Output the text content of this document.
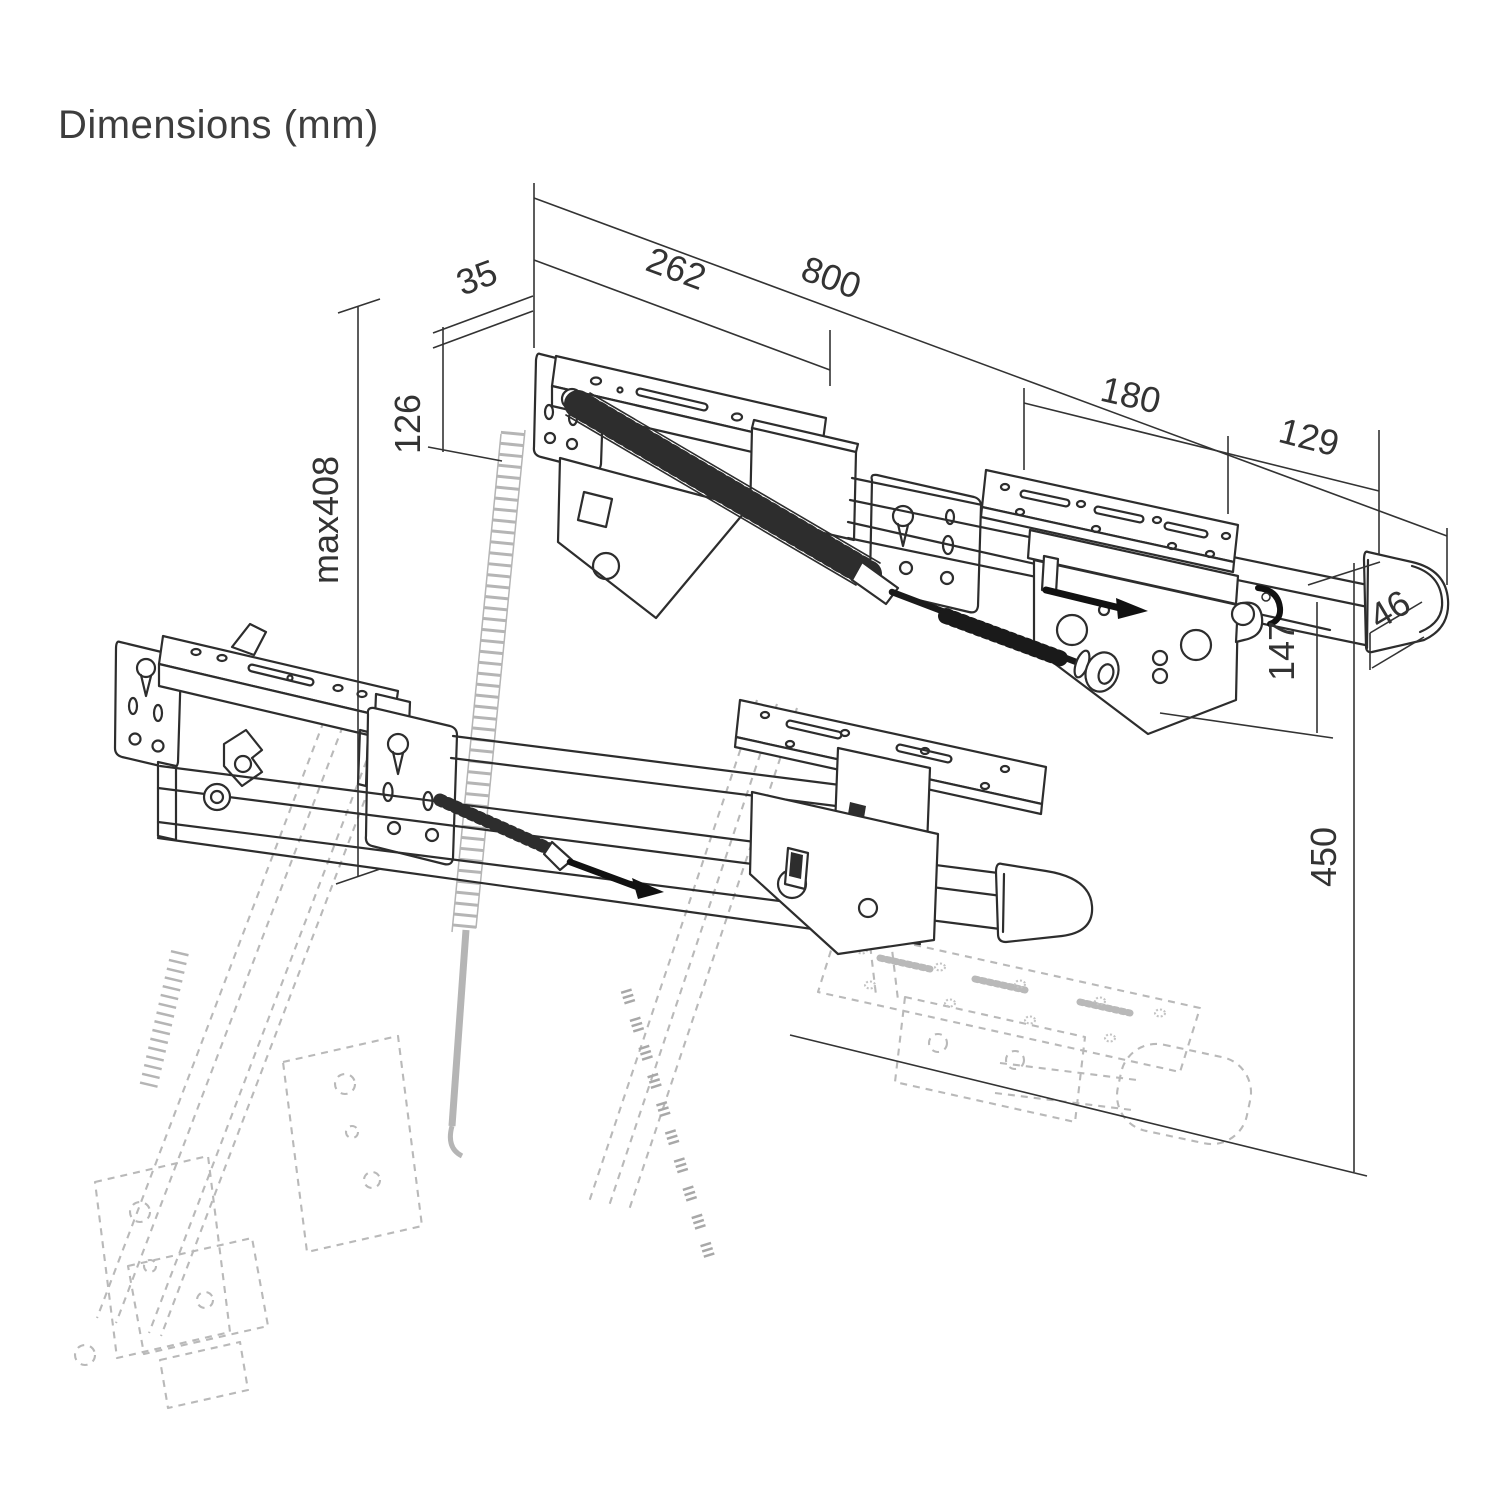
Dimensions (mm)
262 800
35
126
max408
180
129
46
147
450
